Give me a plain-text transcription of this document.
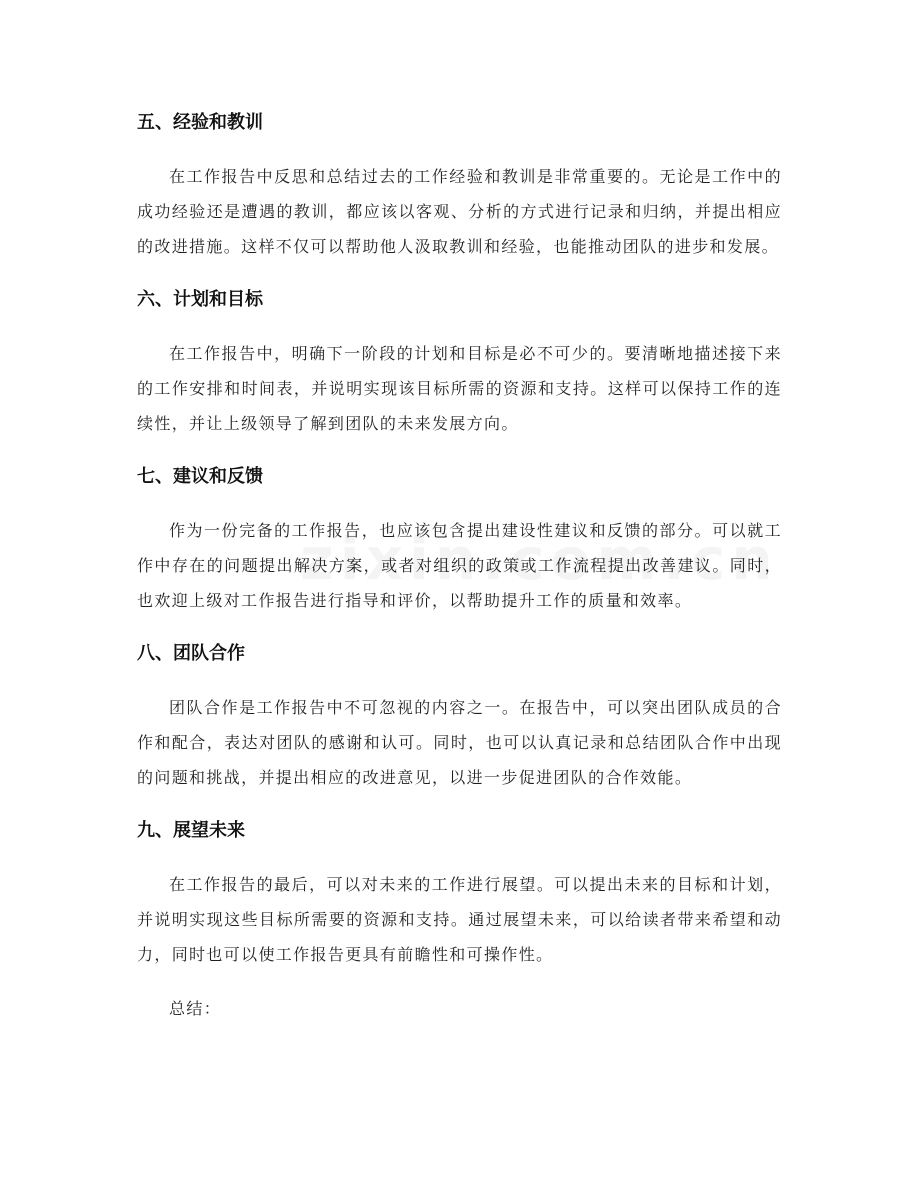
五、经验和教训

在工作报告中反思和总结过去的工作经验和教训是非常重要的。无论是工作中的成功经验还是遭遇的教训，都应该以客观、分析的方式进行记录和归纳，并提出相应的改进措施。这样不仅可以帮助他人汲取教训和经验，也能推动团队的进步和发展。

六、计划和目标

在工作报告中，明确下一阶段的计划和目标是必不可少的。要清晰地描述接下来的工作安排和时间表，并说明实现该目标所需的资源和支持。这样可以保持工作的连续性，并让上级领导了解到团队的未来发展方向。

七、建议和反馈

作为一份完备的工作报告，也应该包含提出建设性建议和反馈的部分。可以就工作中存在的问题提出解决方案，或者对组织的政策或工作流程提出改善建议。同时，也欢迎上级对工作报告进行指导和评价，以帮助提升工作的质量和效率。

八、团队合作

团队合作是工作报告中不可忽视的内容之一。在报告中，可以突出团队成员的合作和配合，表达对团队的感谢和认可。同时，也可以认真记录和总结团队合作中出现的问题和挑战，并提出相应的改进意见，以进一步促进团队的合作效能。

九、展望未来

在工作报告的最后，可以对未来的工作进行展望。可以提出未来的目标和计划，并说明实现这些目标所需要的资源和支持。通过展望未来，可以给读者带来希望和动力，同时也可以使工作报告更具有前瞻性和可操作性。

总结：
